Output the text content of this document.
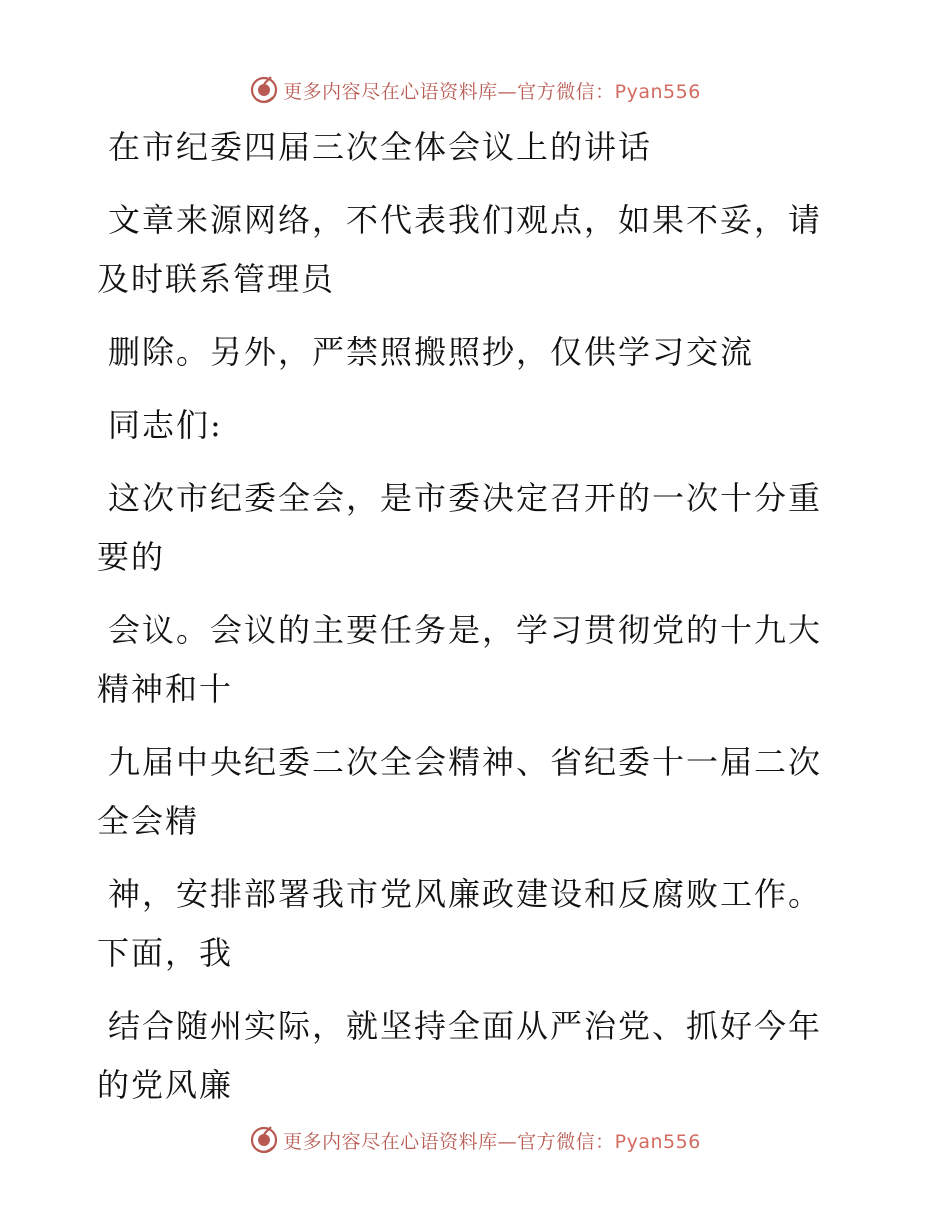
更多内容尽在心语资料库—官方微信：Pyan556

在市纪委四届三次全体会议上的讲话

文章来源网络，不代表我们观点，如果不妥，请

及时联系管理员

删除。另外，严禁照搬照抄，仅供学习交流

同志们:

这次市纪委全会，是市委决定召开的一次十分重

要的

会议。会议的主要任务是，学习贯彻党的十九大

精神和十

九届中央纪委二次全会精神、省纪委十一届二次

全会精

神，安排部署我市党风廉政建设和反腐败工作。

下面，我

结合随州实际，就坚持全面从严治党、抓好今年

的党风廉

更多内容尽在心语资料库—官方微信：Pyan556
